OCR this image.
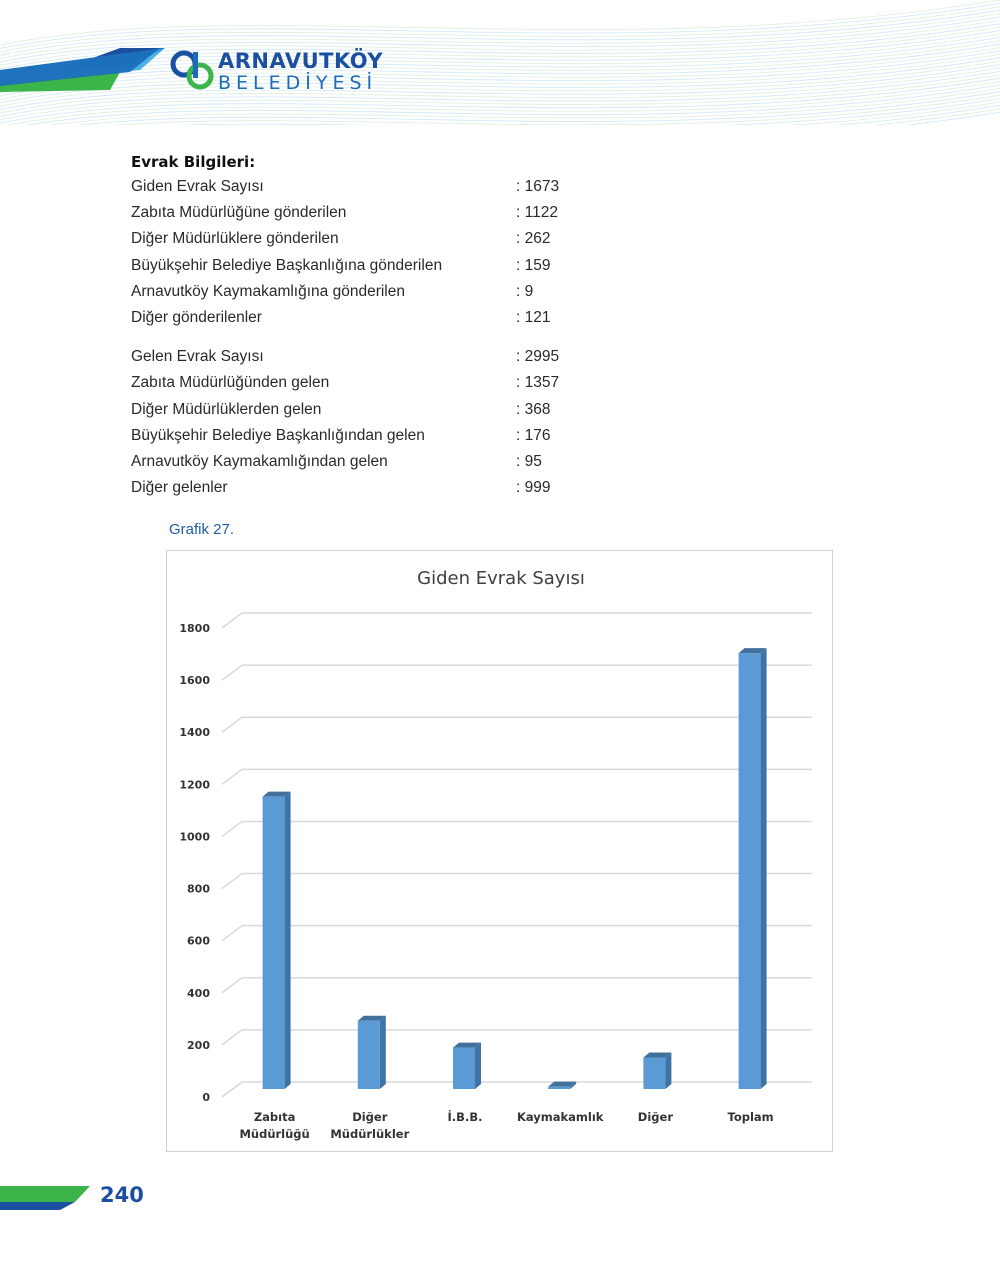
ARNAVUTKÖY
BELEDİYESİ
Evrak Bilgileri:
Giden Evrak Sayısı	: 1673
Zabıta Müdürlüğüne gönderilen	: 1122
Diğer Müdürlüklere gönderilen	: 262
Büyükşehir Belediye Başkanlığına gönderilen	: 159
Arnavutköy Kaymakamlığına gönderilen	: 9
Diğer gönderilenler	: 121
Gelen Evrak Sayısı	: 2995
Zabıta Müdürlüğünden gelen	: 1357
Diğer Müdürlüklerden gelen	: 368
Büyükşehir Belediye Başkanlığından gelen	: 176
Arnavutköy Kaymakamlığından gelen	: 95
Diğer gelenler	: 999
Grafik 27.
Giden Evrak Sayısı
0
200
400
600
800
1000
1200
1400
1600
1800
Zabıta
Müdürlüğü
Diğer
Müdürlükler
İ.B.B.	Kaymakamlık	Diğer	Toplam
240
